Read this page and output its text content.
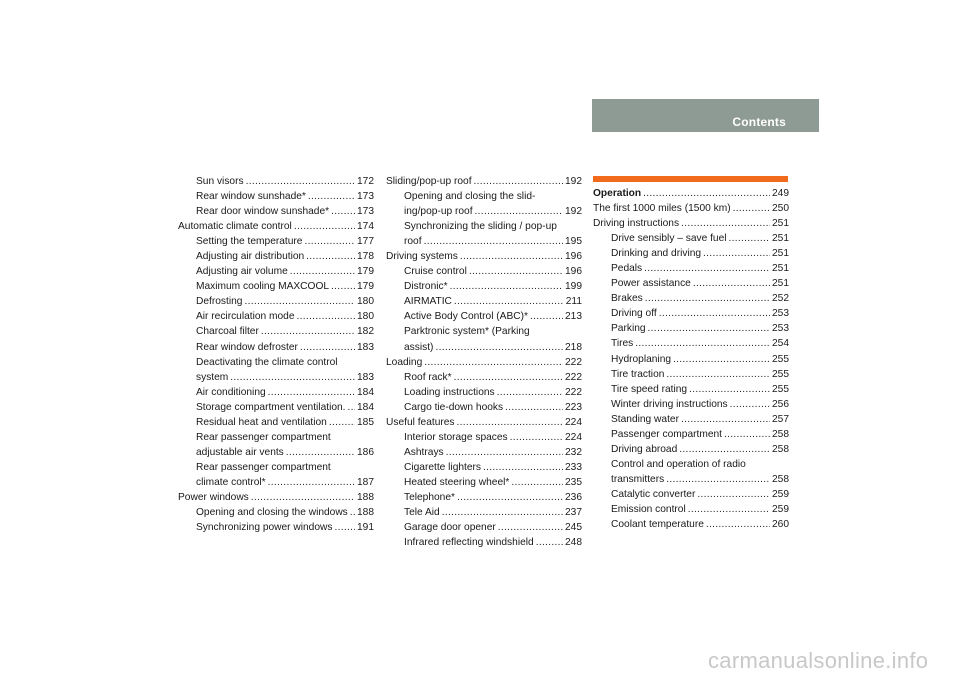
Contents
Sun visors .....	172
Rear window sunshade* .....	173
Rear door window sunshade* .....	173
Automatic climate control .....	174
Setting the temperature .....	177
Adjusting air distribution .....	178
Adjusting air volume .....	179
Maximum cooling MAXCOOL .....	179
Defrosting .....	180
Air recirculation mode .....	180
Charcoal filter .....	182
Rear window defroster .....	183
Deactivating the climate control
system .....	183
Air conditioning .....	184
Storage compartment ventilation. ..... 184
Residual heat and ventilation .....	185
Rear passenger compartment
adjustable air vents .....	186
Rear passenger compartment
climate control* .....	187
Power windows .....	188
Opening and closing the windows ..... 188
Synchronizing power windows ..... 191
Sliding/pop-up roof .....	192
Opening and closing the slid-
ing/pop-up roof .....	192
Synchronizing the sliding / pop-up
roof .....	195
Driving systems .....	196
Cruise control .....	196
Distronic* .....	199
AIRMATIC .....	211
Active Body Control (ABC)* .....	213
Parktronic system* (Parking
assist) .....	218
Loading .....	222
Roof rack* .....	222
Loading instructions .....	222
Cargo tie-down hooks .....	223
Useful features .....	224
Interior storage spaces .....	224
Ashtrays .....	232
Cigarette lighters .....	233
Heated steering wheel* .....	235
Telephone* .....	236
Tele Aid .....	237
Garage door opener .....	245
Infrared reflecting windshield .....	248
Operation .....	249
The first 1000 miles (1500 km) .....	250
Driving instructions .....	251
Drive sensibly – save fuel .....	251
Drinking and driving .....	251
Pedals .....	251
Power assistance .....	251
Brakes .....	252
Driving off .....	253
Parking .....	253
Tires .....	254
Hydroplaning .....	255
Tire traction .....	255
Tire speed rating .....	255
Winter driving instructions .....	256
Standing water .....	257
Passenger compartment .....	258
Driving abroad .....	258
Control and operation of radio
transmitters .....	258
Catalytic converter .....	259
Emission control .....	259
Coolant temperature .....	260
carmanualsonline.info
